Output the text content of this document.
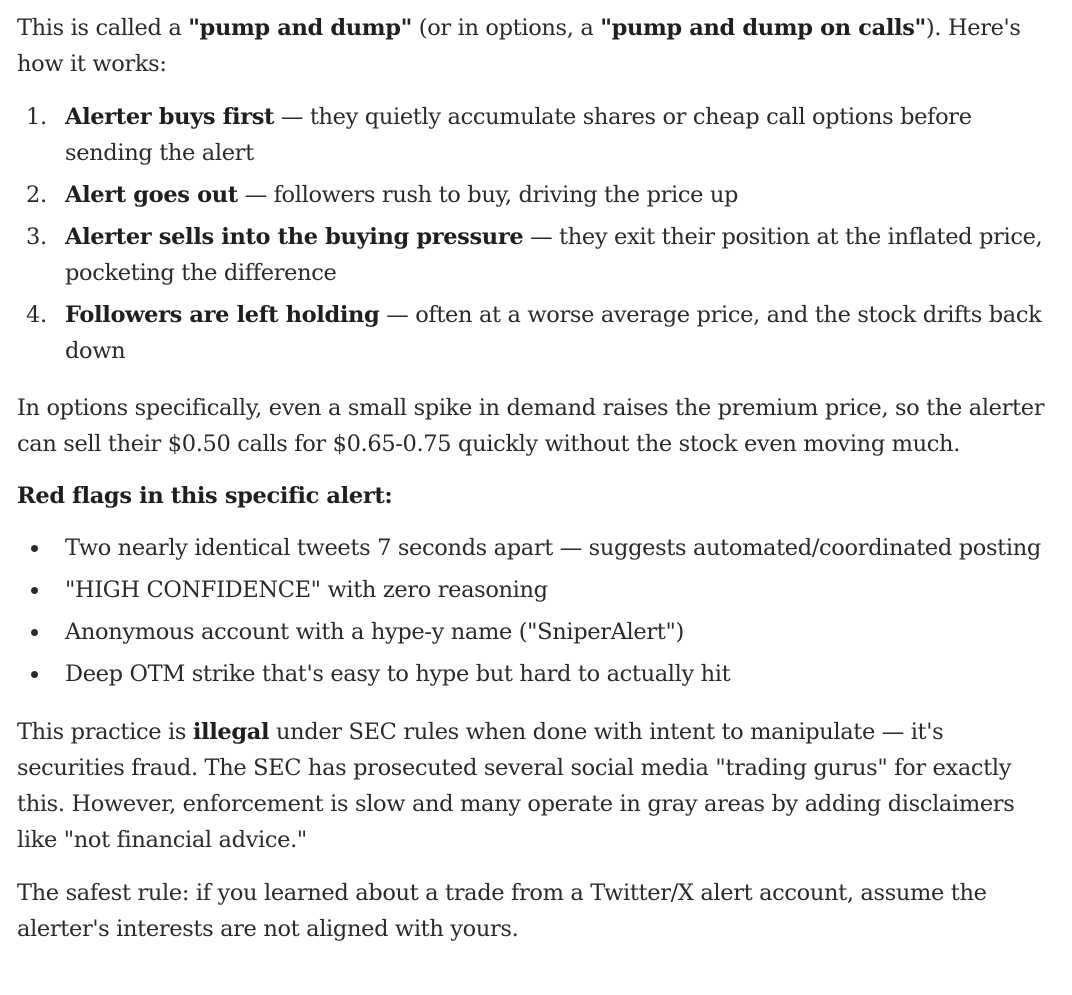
This is called a "pump and dump" (or in options, a "pump and dump on calls"). Here's how it works:

1. Alerter buys first — they quietly accumulate shares or cheap call options before sending the alert
2. Alert goes out — followers rush to buy, driving the price up
3. Alerter sells into the buying pressure — they exit their position at the inflated price, pocketing the difference
4. Followers are left holding — often at a worse average price, and the stock drifts back down

In options specifically, even a small spike in demand raises the premium price, so the alerter can sell their $0.50 calls for $0.65-0.75 quickly without the stock even moving much.

Red flags in this specific alert:

Two nearly identical tweets 7 seconds apart — suggests automated/coordinated posting
"HIGH CONFIDENCE" with zero reasoning
Anonymous account with a hype-y name ("SniperAlert")
Deep OTM strike that's easy to hype but hard to actually hit

This practice is illegal under SEC rules when done with intent to manipulate — it's securities fraud. The SEC has prosecuted several social media "trading gurus" for exactly this. However, enforcement is slow and many operate in gray areas by adding disclaimers like "not financial advice."

The safest rule: if you learned about a trade from a Twitter/X alert account, assume the alerter's interests are not aligned with yours.
